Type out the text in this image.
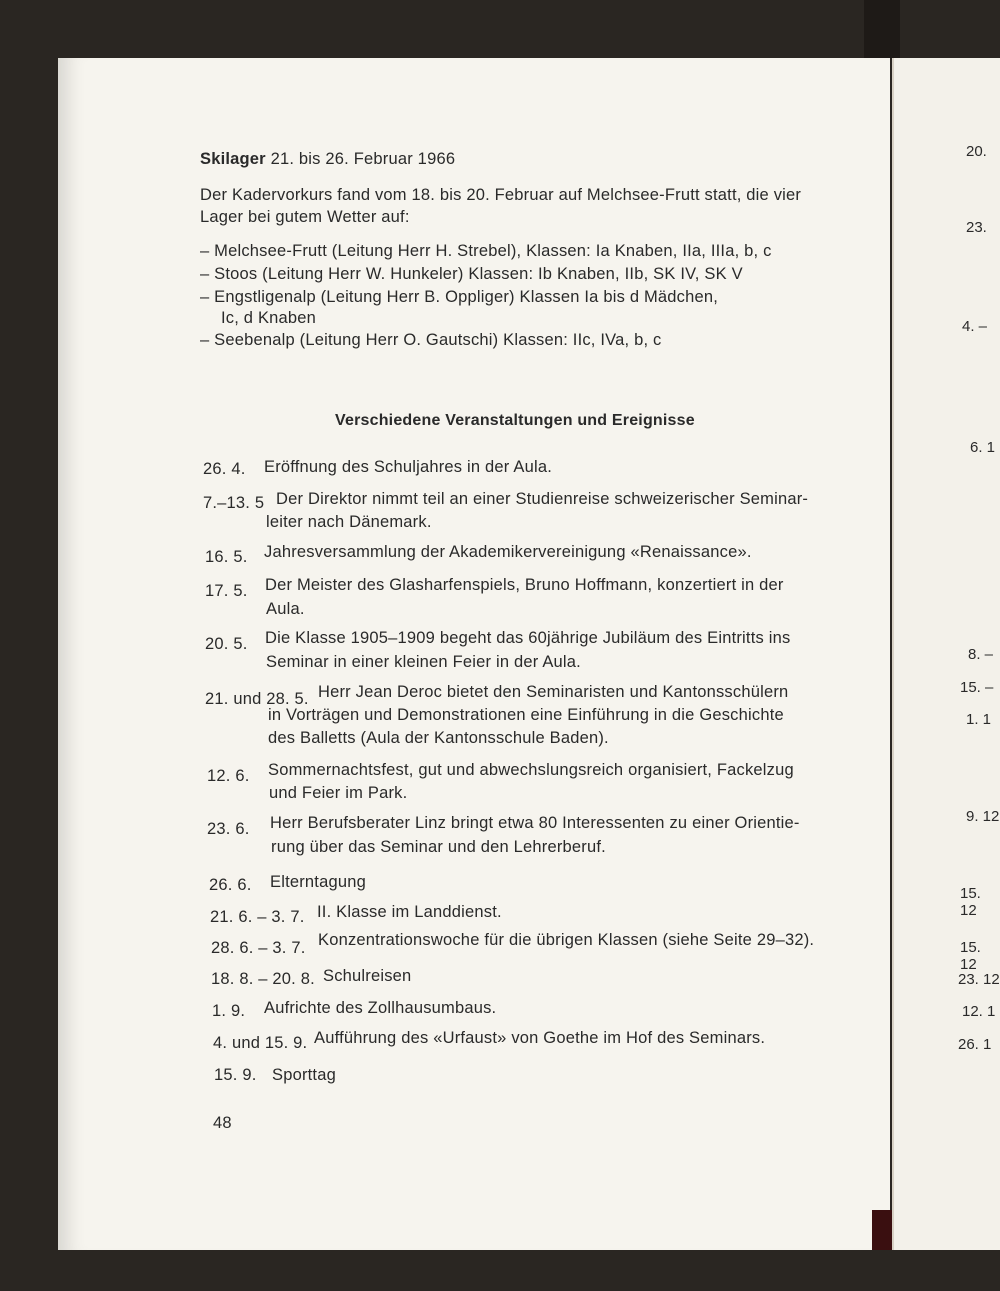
Skilager 21. bis 26. Februar 1966
Der Kadervorkurs fand vom 18. bis 20. Februar auf Melchsee-Frutt statt, die vier
Lager bei gutem Wetter auf:
– Melchsee-Frutt (Leitung Herr H. Strebel), Klassen: Ia Knaben, IIa, IIIa, b, c
– Stoos (Leitung Herr W. Hunkeler) Klassen: Ib Knaben, IIb, SK IV, SK V
– Engstligenalp (Leitung Herr B. Oppliger) Klassen Ia bis d Mädchen,
Ic, d Knaben
– Seebenalp (Leitung Herr O. Gautschi) Klassen: IIc, IVa, b, c
Verschiedene Veranstaltungen und Ereignisse
26. 4. Eröffnung des Schuljahres in der Aula.
7.–13. 5 Der Direktor nimmt teil an einer Studienreise schweizerischer Seminar-
leiter nach Dänemark.
16. 5. Jahresversammlung der Akademikervereinigung «Renaissance».
17. 5. Der Meister des Glasharfenspiels, Bruno Hoffmann, konzertiert in der
Aula.
20. 5. Die Klasse 1905–1909 begeht das 60jährige Jubiläum des Eintritts ins
Seminar in einer kleinen Feier in der Aula.
21. und 28. 5. Herr Jean Deroc bietet den Seminaristen und Kantonsschülern
in Vorträgen und Demonstrationen eine Einführung in die Geschichte
des Balletts (Aula der Kantonsschule Baden).
12. 6. Sommernachtsfest, gut und abwechslungsreich organisiert, Fackelzug
und Feier im Park.
23. 6. Herr Berufsberater Linz bringt etwa 80 Interessenten zu einer Orientie-
rung über das Seminar und den Lehrerberuf.
26. 6. Elterntagung
21. 6. – 3. 7. II. Klasse im Landdienst.
28. 6. – 3. 7. Konzentrationswoche für die übrigen Klassen (siehe Seite 29–32).
18. 8. – 20. 8. Schulreisen
1. 9. Aufrichte des Zollhausumbaus.
4. und 15. 9. Aufführung des «Urfaust» von Goethe im Hof des Seminars.
15. 9. Sporttag
48
20.
23.
4. –
6. 1
8. –
15. –
1. 1
9. 12
15. 12
15. 12
23. 12
12. 1
26. 1
